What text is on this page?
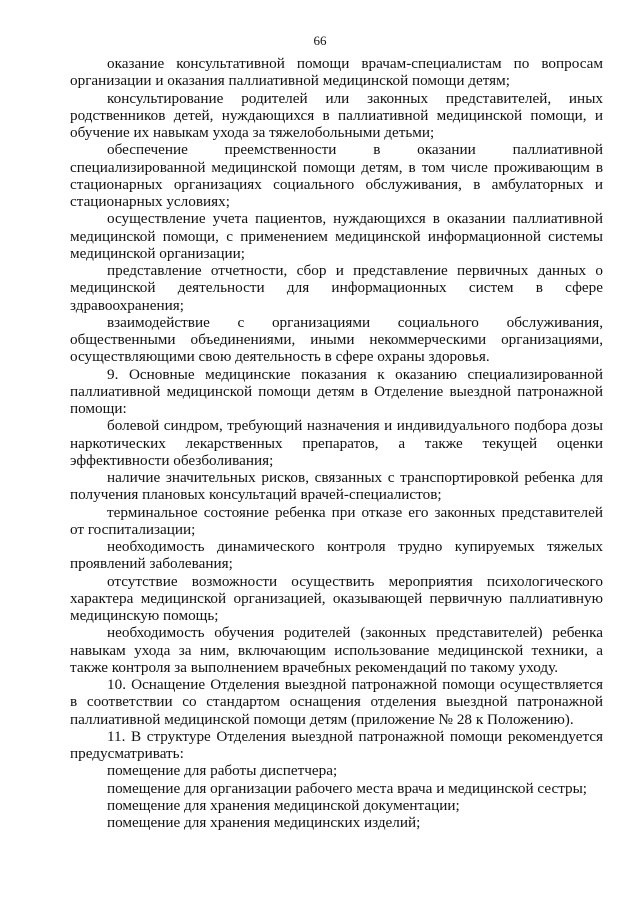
66

оказание консультативной помощи врачам-специалистам по вопросам организации и оказания паллиативной медицинской помощи детям;

консультирование родителей или законных представителей, иных родственников детей, нуждающихся в паллиативной медицинской помощи, и обучение их навыкам ухода за тяжелобольными детьми;

обеспечение преемственности в оказании паллиативной специализированной медицинской помощи детям, в том числе проживающим в стационарных организациях социального обслуживания, в амбулаторных и стационарных условиях;

осуществление учета пациентов, нуждающихся в оказании паллиативной медицинской помощи, с применением медицинской информационной системы медицинской организации;

представление отчетности, сбор и представление первичных данных о медицинской деятельности для информационных систем в сфере здравоохранения;

взаимодействие с организациями социального обслуживания, общественными объединениями, иными некоммерческими организациями, осуществляющими свою деятельность в сфере охраны здоровья.

9. Основные медицинские показания к оказанию специализированной паллиативной медицинской помощи детям в Отделение выездной патронажной помощи:

болевой синдром, требующий назначения и индивидуального подбора дозы наркотических лекарственных препаратов, а также текущей оценки эффективности обезболивания;

наличие значительных рисков, связанных с транспортировкой ребенка для получения плановых консультаций врачей-специалистов;

терминальное состояние ребенка при отказе его законных представителей от госпитализации;

необходимость динамического контроля трудно купируемых тяжелых проявлений заболевания;

отсутствие возможности осуществить мероприятия психологического характера медицинской организацией, оказывающей первичную паллиативную медицинскую помощь;

необходимость обучения родителей (законных представителей) ребенка навыкам ухода за ним, включающим использование медицинской техники, а также контроля за выполнением врачебных рекомендаций по такому уходу.

10. Оснащение Отделения выездной патронажной помощи осуществляется в соответствии со стандартом оснащения отделения выездной патронажной паллиативной медицинской помощи детям (приложение № 28 к Положению).

11. В структуре Отделения выездной патронажной помощи рекомендуется предусматривать:

помещение для работы диспетчера;

помещение для организации рабочего места врача и медицинской сестры;

помещение для хранения медицинской документации;

помещение для хранения медицинских изделий;
